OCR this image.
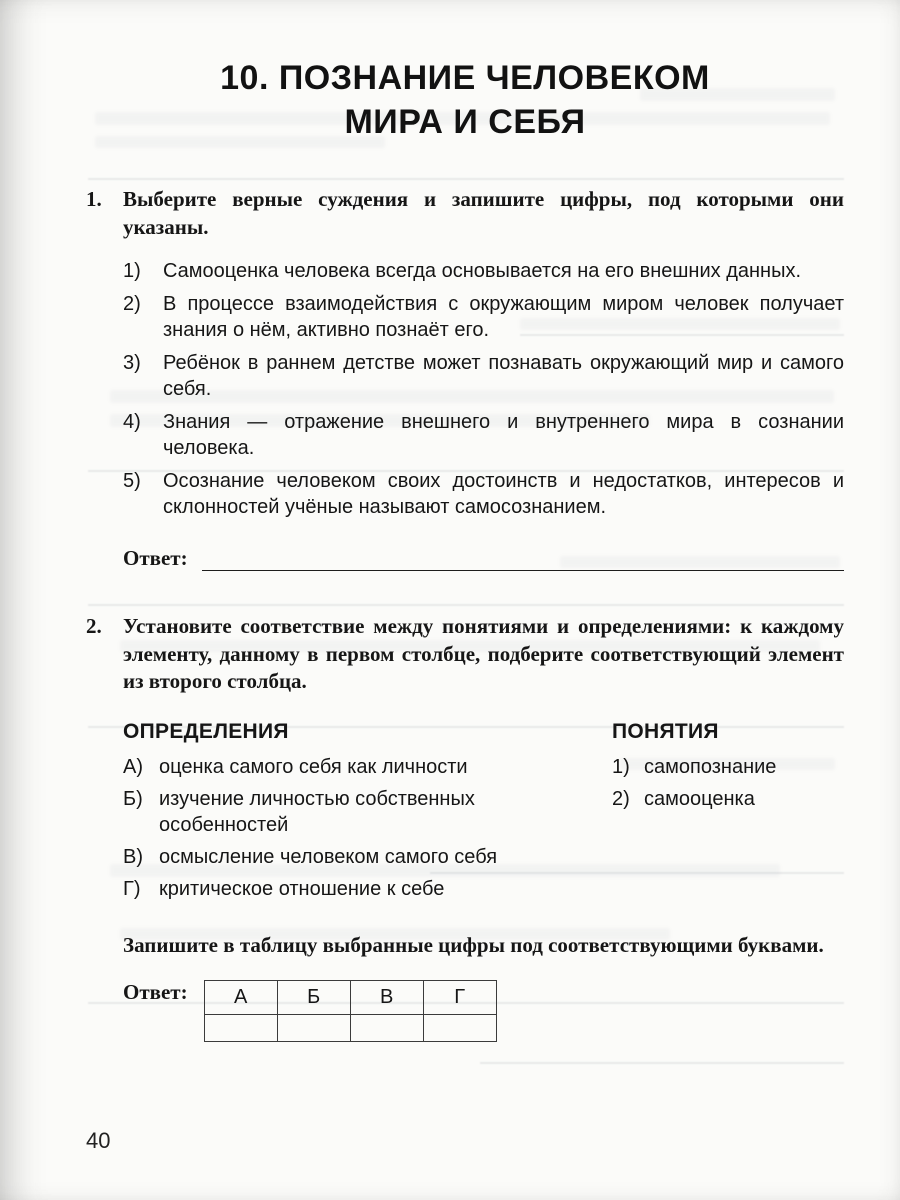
10. ПОЗНАНИЕ ЧЕЛОВЕКОМ
МИРА И СЕБЯ
1.	Выберите верные суждения и запишите цифры, под которыми они указаны.
1)	Самооценка человека всегда основывается на его внешних данных.
2)	В процессе взаимодействия с окружающим миром человек получает знания о нём, активно познаёт его.
3)	Ребёнок в раннем детстве может познавать окружающий мир и самого себя.
4)	Знания — отражение внешнего и внутреннего мира в сознании человека.
5)	Осознание человеком своих достоинств и недостатков, интересов и склонностей учёные называют самосознанием.
Ответ:
2.	Установите соответствие между понятиями и определениями: к каждому элементу, данному в первом столбце, подберите соответствующий элемент из второго столбца.
ОПРЕДЕЛЕНИЯ
А) оценка самого себя как личности
Б) изучение личностью собственных особенностей
В) осмысление человеком самого себя
Г) критическое отношение к себе
ПОНЯТИЯ
1) самопознание
2) самооценка
Запишите в таблицу выбранные цифры под соответствующими буквами.
Ответ: А	Б	В	Г

40
